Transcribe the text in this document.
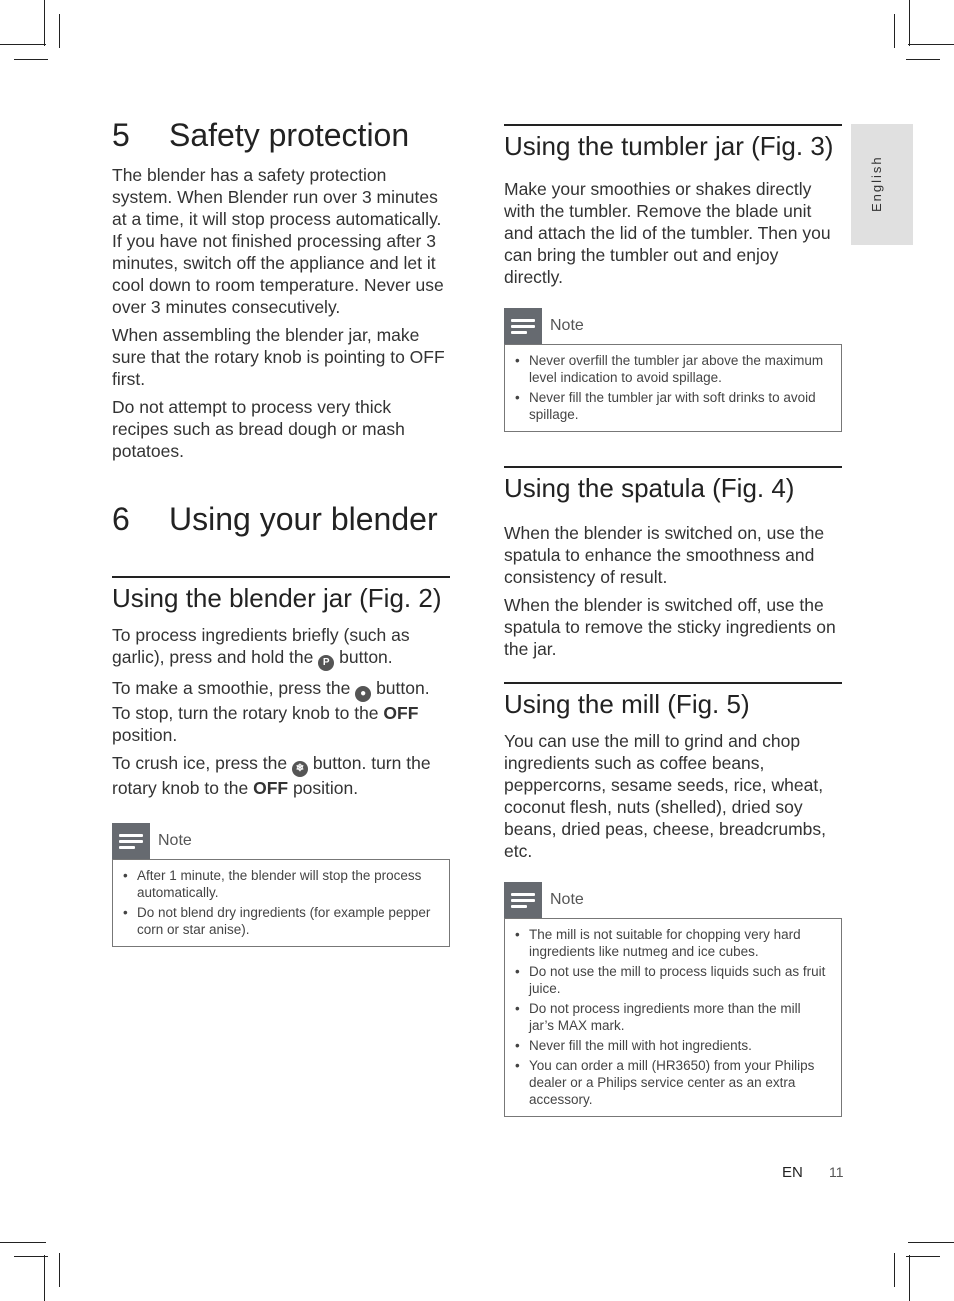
English
5	Safety protection

The blender has a safety protection system. When Blender run over 3 minutes at a time, it will stop process automatically. If you have not finished processing after 3 minutes, switch off the appliance and let it cool down to room temperature. Never use over 3 minutes consecutively.

When assembling the blender jar, make sure that the rotary knob is pointing to OFF first.

Do not attempt to process very thick recipes such as bread dough or mash potatoes.

6	Using your blender
Using the blender jar (Fig. 2)

To process ingredients briefly (such as garlic), press and hold the P button.

To make a smoothie, press the ● button. To stop, turn the rotary knob to the OFF position.

To crush ice, press the ❄ button. turn the rotary knob to the OFF position.

Note
• After 1 minute, the blender will stop the process automatically.
• Do not blend dry ingredients (for example pepper corn or star anise).
Using the tumbler jar (Fig. 3)

Make your smoothies or shakes directly with the tumbler. Remove the blade unit and attach the lid of the tumbler. Then you can bring the tumbler out and enjoy directly.

Note
• Never overfill the tumbler jar above the maximum level indication to avoid spillage.
• Never fill the tumbler jar with soft drinks to avoid spillage.
Using the spatula (Fig. 4)

When the blender is switched on, use the spatula to enhance the smoothness and consistency of result.

When the blender is switched off, use the spatula to remove the sticky ingredients on the jar.

Using the mill (Fig. 5)

You can use the mill to grind and chop ingredients such as coffee beans, peppercorns, sesame seeds, rice, wheat, coconut flesh, nuts (shelled), dried soy beans, dried peas, cheese, breadcrumbs, etc.

Note
• The mill is not suitable for chopping very hard ingredients like nutmeg and ice cubes.
• Do not use the mill to process liquids such as fruit juice.
• Do not process ingredients more than the mill jar’s MAX mark.
• Never fill the mill with hot ingredients.
• You can order a mill (HR3650) from your Philips dealer or a Philips service center as an extra accessory.
EN 11
